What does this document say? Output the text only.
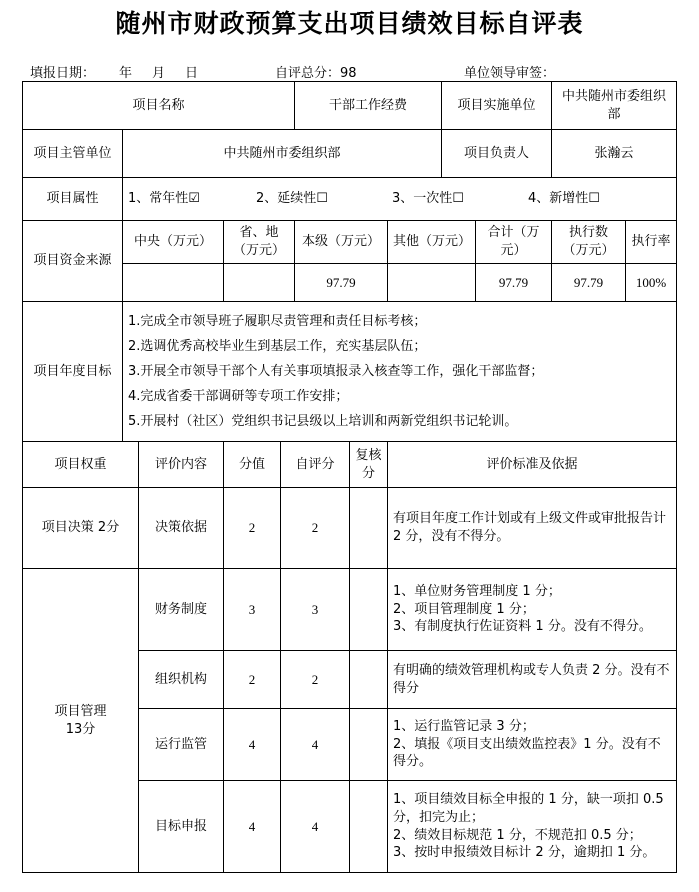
随州市财政预算支出项目绩效目标自评表
填报日期： 年 月 日	自评总分：98	单位领导审签：
项目名称					干部工作经费			项目实施单位		中共随州市委组织部	
项目主管单位	中共随州市委组织部							项目负责人		张瀚云	
项目属性	1、常年性☑ 2、延续性☐ 3、一次性☐ 4、新增性☐										
项目资金来源	中央（万元）		省、地（万元）		本级（万元）		其他（万元）		合计（万元）	执行数（万元）	执行率
					97.79				97.79	97.79	100%
项目年度目标	1.完成全市领导班子履职尽责管理和责任目标考核；
2.选调优秀高校毕业生到基层工作，充实基层队伍；
3.开展全市领导干部个人有关事项填报录入核查等工作，强化干部监督；
4.完成省委干部调研等专项工作安排；
5.开展村（社区）党组织书记县级以上培训和两新党组织书记轮训。										

项目权重		评价内容	分值	自评分		复核分	评价标准及依据				
项目决策 2分		决策依据	2	2			有项目年度工作计划或有上级文件或审批报告计 2 分，没有不得分。				

项目管理 13分		财务制度	3	3			1、单位财务管理制度 1 分；
2、项目管理制度 1 分；
3、有制度执行佐证资料 1 分。没有不得分。				

		组织机构	2	2			有明确的绩效管理机构或专人负责 2 分。没有不得分				

		运行监管	4	4			1、运行监管记录 3 分；
2、填报《项目支出绩效监控表》1 分。没有不得分。				

		目标申报	4	4			1、项目绩效目标全申报的 1 分，缺一项扣 0.5 分，扣完为止；
2、绩效目标规范 1 分，不规范扣 0.5 分；
3、按时申报绩效目标计 2 分，逾期扣 1 分。				
